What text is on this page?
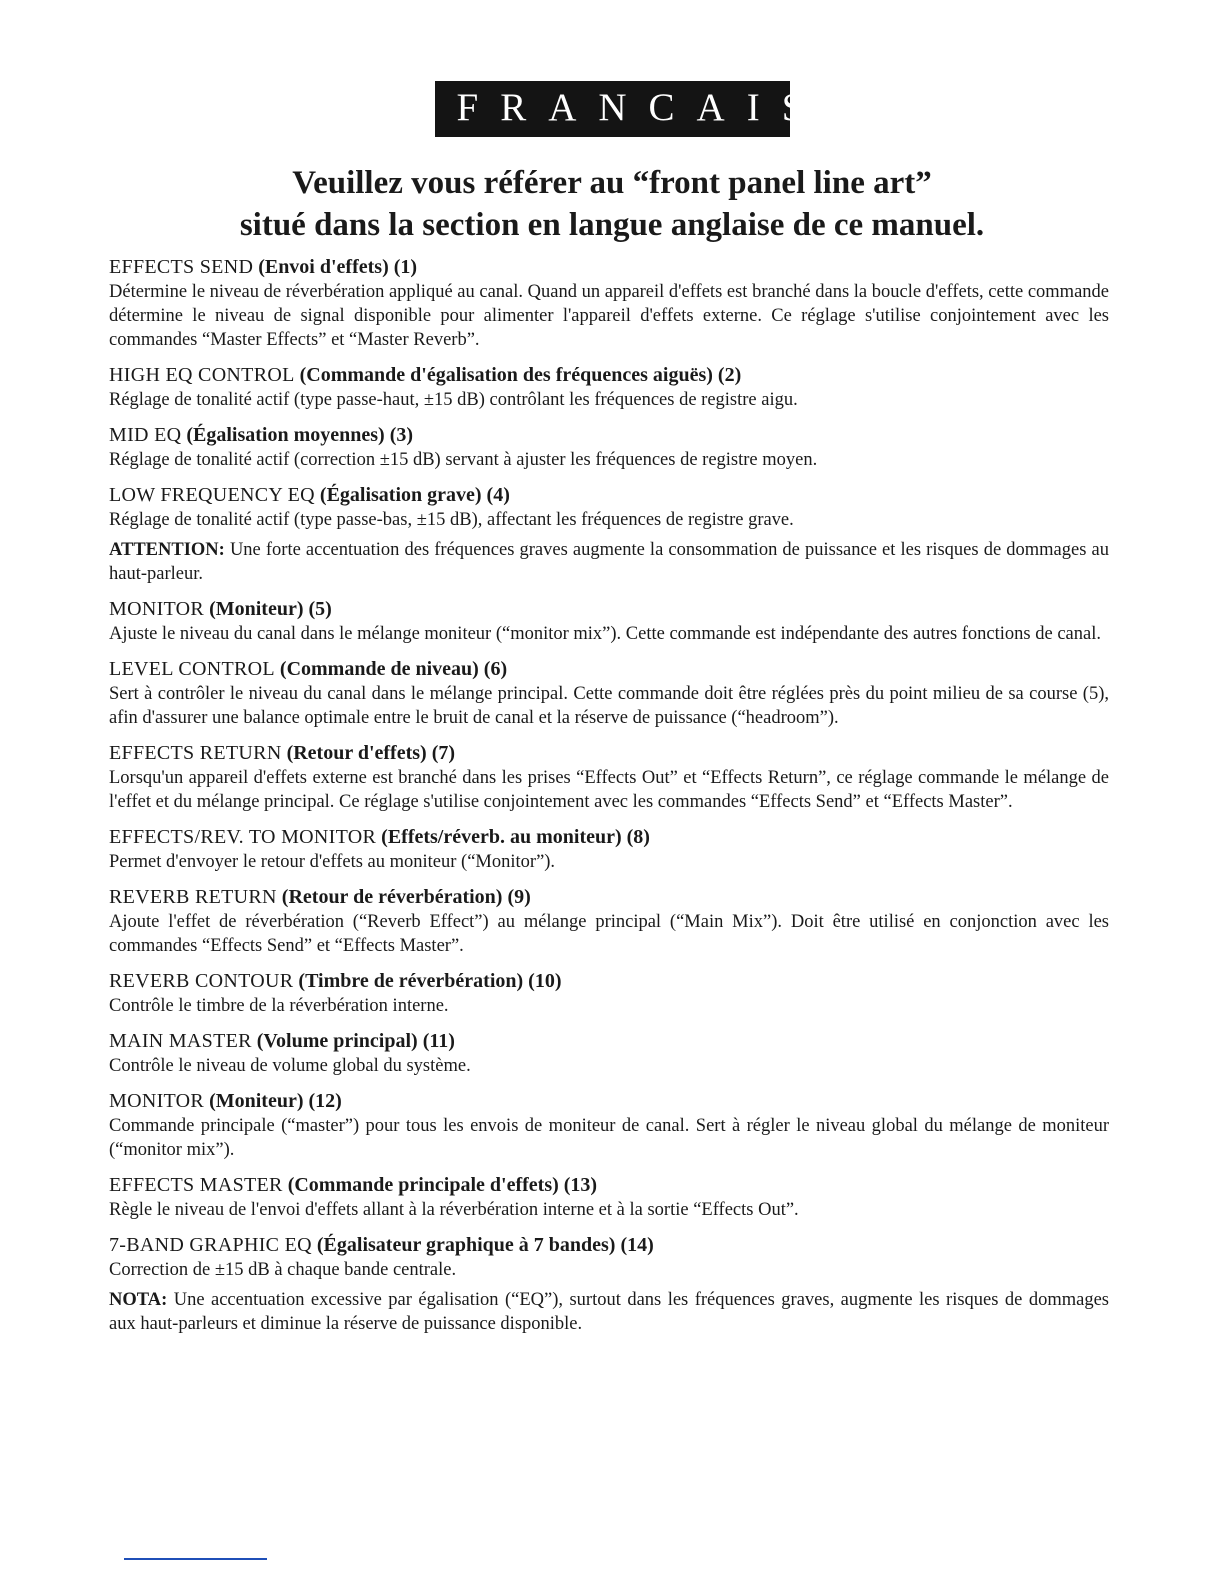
FRANCAIS
Veuillez vous référer au “front panel line art”
situé dans la section en langue anglaise de ce manuel.
EFFECTS SEND (Envoi d'effets) (1)
Détermine le niveau de réverbération appliqué au canal. Quand un appareil d'effets est branché dans la boucle d'effets, cette commande détermine le niveau de signal disponible pour alimenter l'appareil d'effets externe. Ce réglage s'utilise conjointement avec les commandes “Master Effects” et “Master Reverb”.
HIGH EQ CONTROL (Commande d'égalisation des fréquences aiguës) (2)
Réglage de tonalité actif (type passe-haut, ±15 dB) contrôlant les fréquences de registre aigu.
MID EQ (Égalisation moyennes) (3)
Réglage de tonalité actif (correction ±15 dB) servant à ajuster les fréquences de registre moyen.
LOW FREQUENCY EQ (Égalisation grave) (4)
Réglage de tonalité actif (type passe-bas, ±15 dB), affectant les fréquences de registre grave.
ATTENTION: Une forte accentuation des fréquences graves augmente la consommation de puissance et les risques de dommages au haut-parleur.
MONITOR (Moniteur) (5)
Ajuste le niveau du canal dans le mélange moniteur (“monitor mix”). Cette commande est indépendante des autres fonctions de canal.
LEVEL CONTROL (Commande de niveau) (6)
Sert à contrôler le niveau du canal dans le mélange principal. Cette commande doit être réglées près du point milieu de sa course (5), afin d'assurer une balance optimale entre le bruit de canal et la réserve de puissance (“headroom”).
EFFECTS RETURN (Retour d'effets) (7)
Lorsqu'un appareil d'effets externe est branché dans les prises “Effects Out” et “Effects Return”, ce réglage commande le mélange de l'effet et du mélange principal. Ce réglage s'utilise conjointement avec les commandes “Effects Send” et “Effects Master”.
EFFECTS/REV. TO MONITOR (Effets/réverb. au moniteur) (8)
Permet d'envoyer le retour d'effets au moniteur (“Monitor”).
REVERB RETURN (Retour de réverbération) (9)
Ajoute l'effet de réverbération (“Reverb Effect”) au mélange principal (“Main Mix”). Doit être utilisé en conjonction avec les commandes “Effects Send” et “Effects Master”.
REVERB CONTOUR (Timbre de réverbération) (10)
Contrôle le timbre de la réverbération interne.
MAIN MASTER (Volume principal) (11)
Contrôle le niveau de volume global du système.
MONITOR (Moniteur) (12)
Commande principale (“master”) pour tous les envois de moniteur de canal. Sert à régler le niveau global du mélange de moniteur (“monitor mix”).
EFFECTS MASTER (Commande principale d'effets) (13)
Règle le niveau de l'envoi d'effets allant à la réverbération interne et à la sortie “Effects Out”.
7-BAND GRAPHIC EQ (Égalisateur graphique à 7 bandes) (14)
Correction de ±15 dB à chaque bande centrale.
NOTA: Une accentuation excessive par égalisation (“EQ”), surtout dans les fréquences graves, augmente les risques de dommages aux haut-parleurs et diminue la réserve de puissance disponible.
